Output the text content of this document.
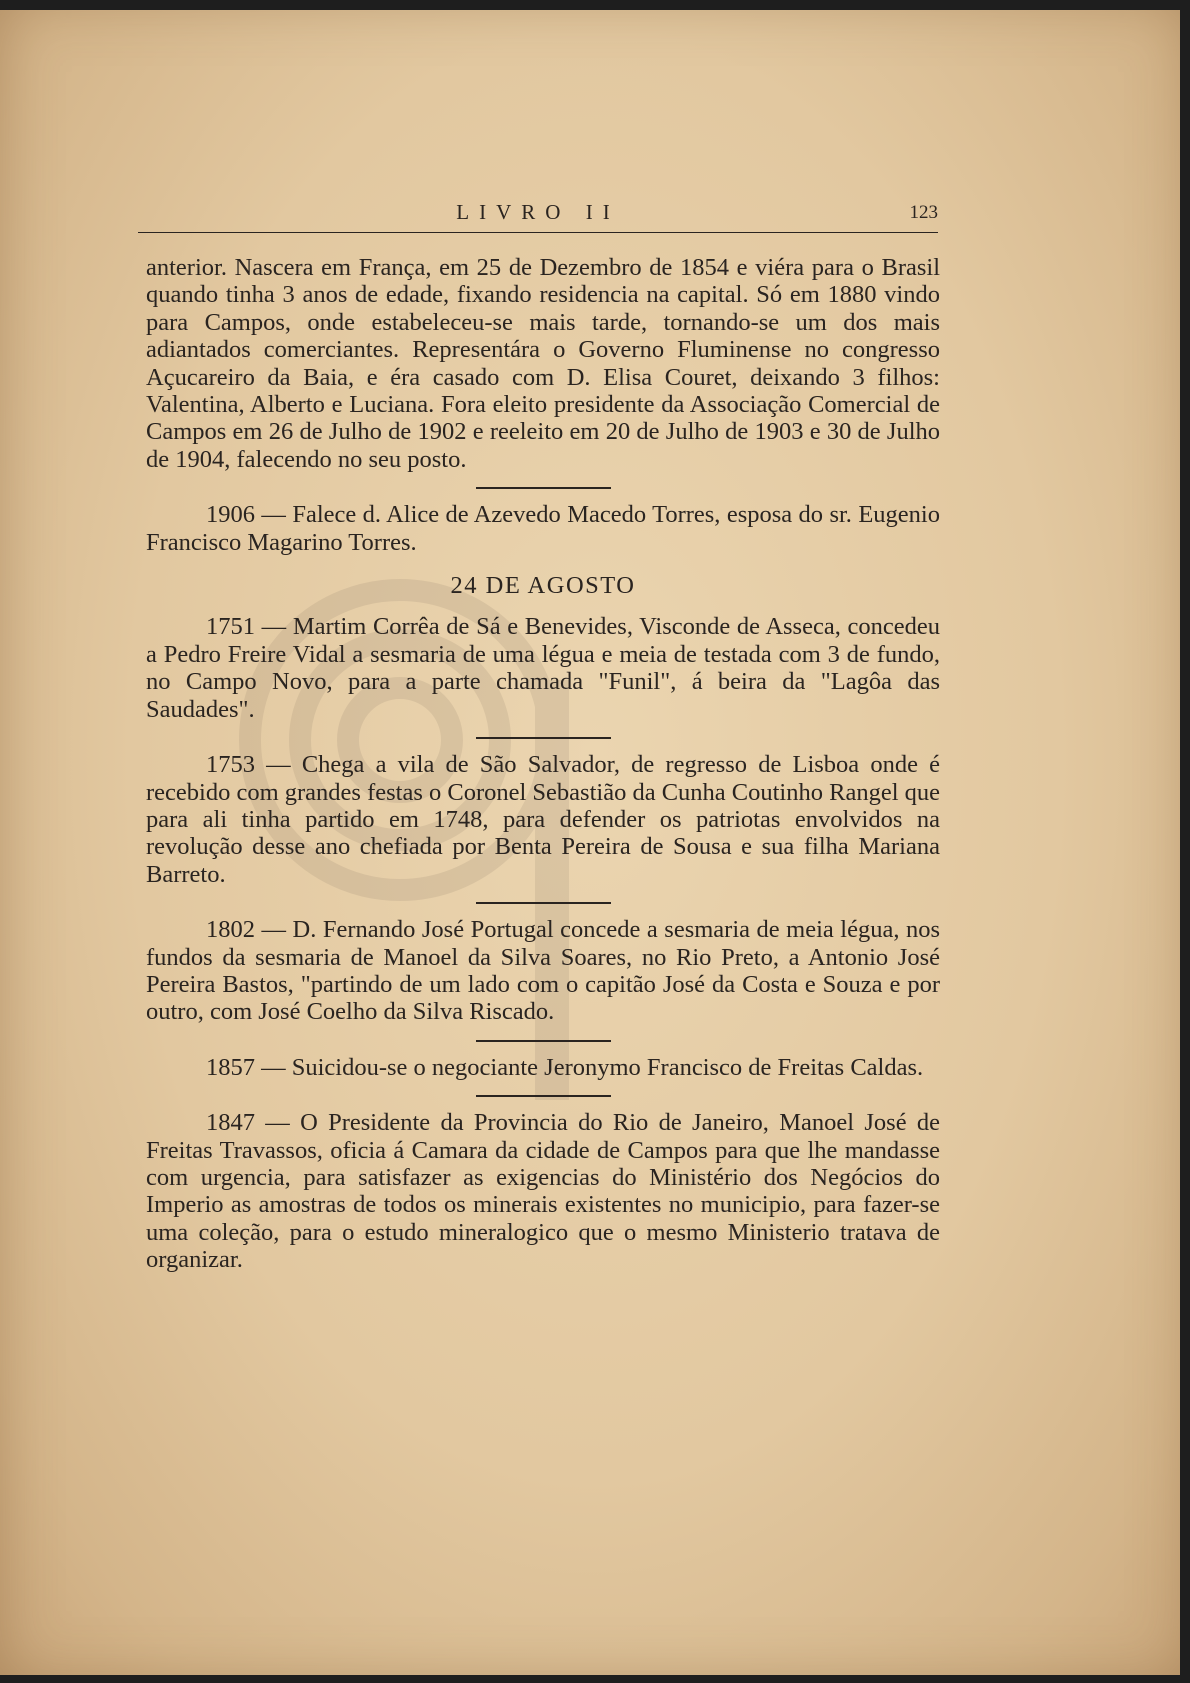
LIVRO II	123

anterior. Nascera em França, em 25 de Dezembro de 1854 e viéra para o Brasil quando tinha 3 anos de edade, fixando residencia na capital. Só em 1880 vindo para Campos, onde estabeleceu-se mais tarde, tornando-se um dos mais adiantados comerciantes. Representára o Governo Fluminense no congresso Açucareiro da Baia, e éra casado com D. Elisa Couret, deixando 3 filhos: Valentina, Alberto e Luciana. Fora eleito presidente da Associação Comercial de Campos em 26 de Julho de 1902 e reeleito em 20 de Julho de 1903 e 30 de Julho de 1904, falecendo no seu posto.

1906 — Falece d. Alice de Azevedo Macedo Torres, esposa do sr. Eugenio Francisco Magarino Torres.

24 DE AGOSTO

1751 — Martim Corrêa de Sá e Benevides, Visconde de Asseca, concedeu a Pedro Freire Vidal a sesmaria de uma légua e meia de testada com 3 de fundo, no Campo Novo, para a parte chamada "Funil", á beira da "Lagôa das Saudades".

1753 — Chega a vila de São Salvador, de regresso de Lisboa onde é recebido com grandes festas o Coronel Sebastião da Cunha Coutinho Rangel que para ali tinha partido em 1748, para defender os patriotas envolvidos na revolução desse ano chefiada por Benta Pereira de Sousa e sua filha Mariana Barreto.

1802 — D. Fernando José Portugal concede a sesmaria de meia légua, nos fundos da sesmaria de Manoel da Silva Soares, no Rio Preto, a Antonio José Pereira Bastos, "partindo de um lado com o capitão José da Costa e Souza e por outro, com José Coelho da Silva Riscado.

1857 — Suicidou-se o negociante Jeronymo Francisco de Freitas Caldas.

1847 — O Presidente da Provincia do Rio de Janeiro, Manoel José de Freitas Travassos, oficia á Camara da cidade de Campos para que lhe mandasse com urgencia, para satisfazer as exigencias do Ministério dos Negócios do Imperio as amostras de todos os minerais existentes no municipio, para fazer-se uma coleção, para o estudo mineralogico que o mesmo Ministerio tratava de organizar.
